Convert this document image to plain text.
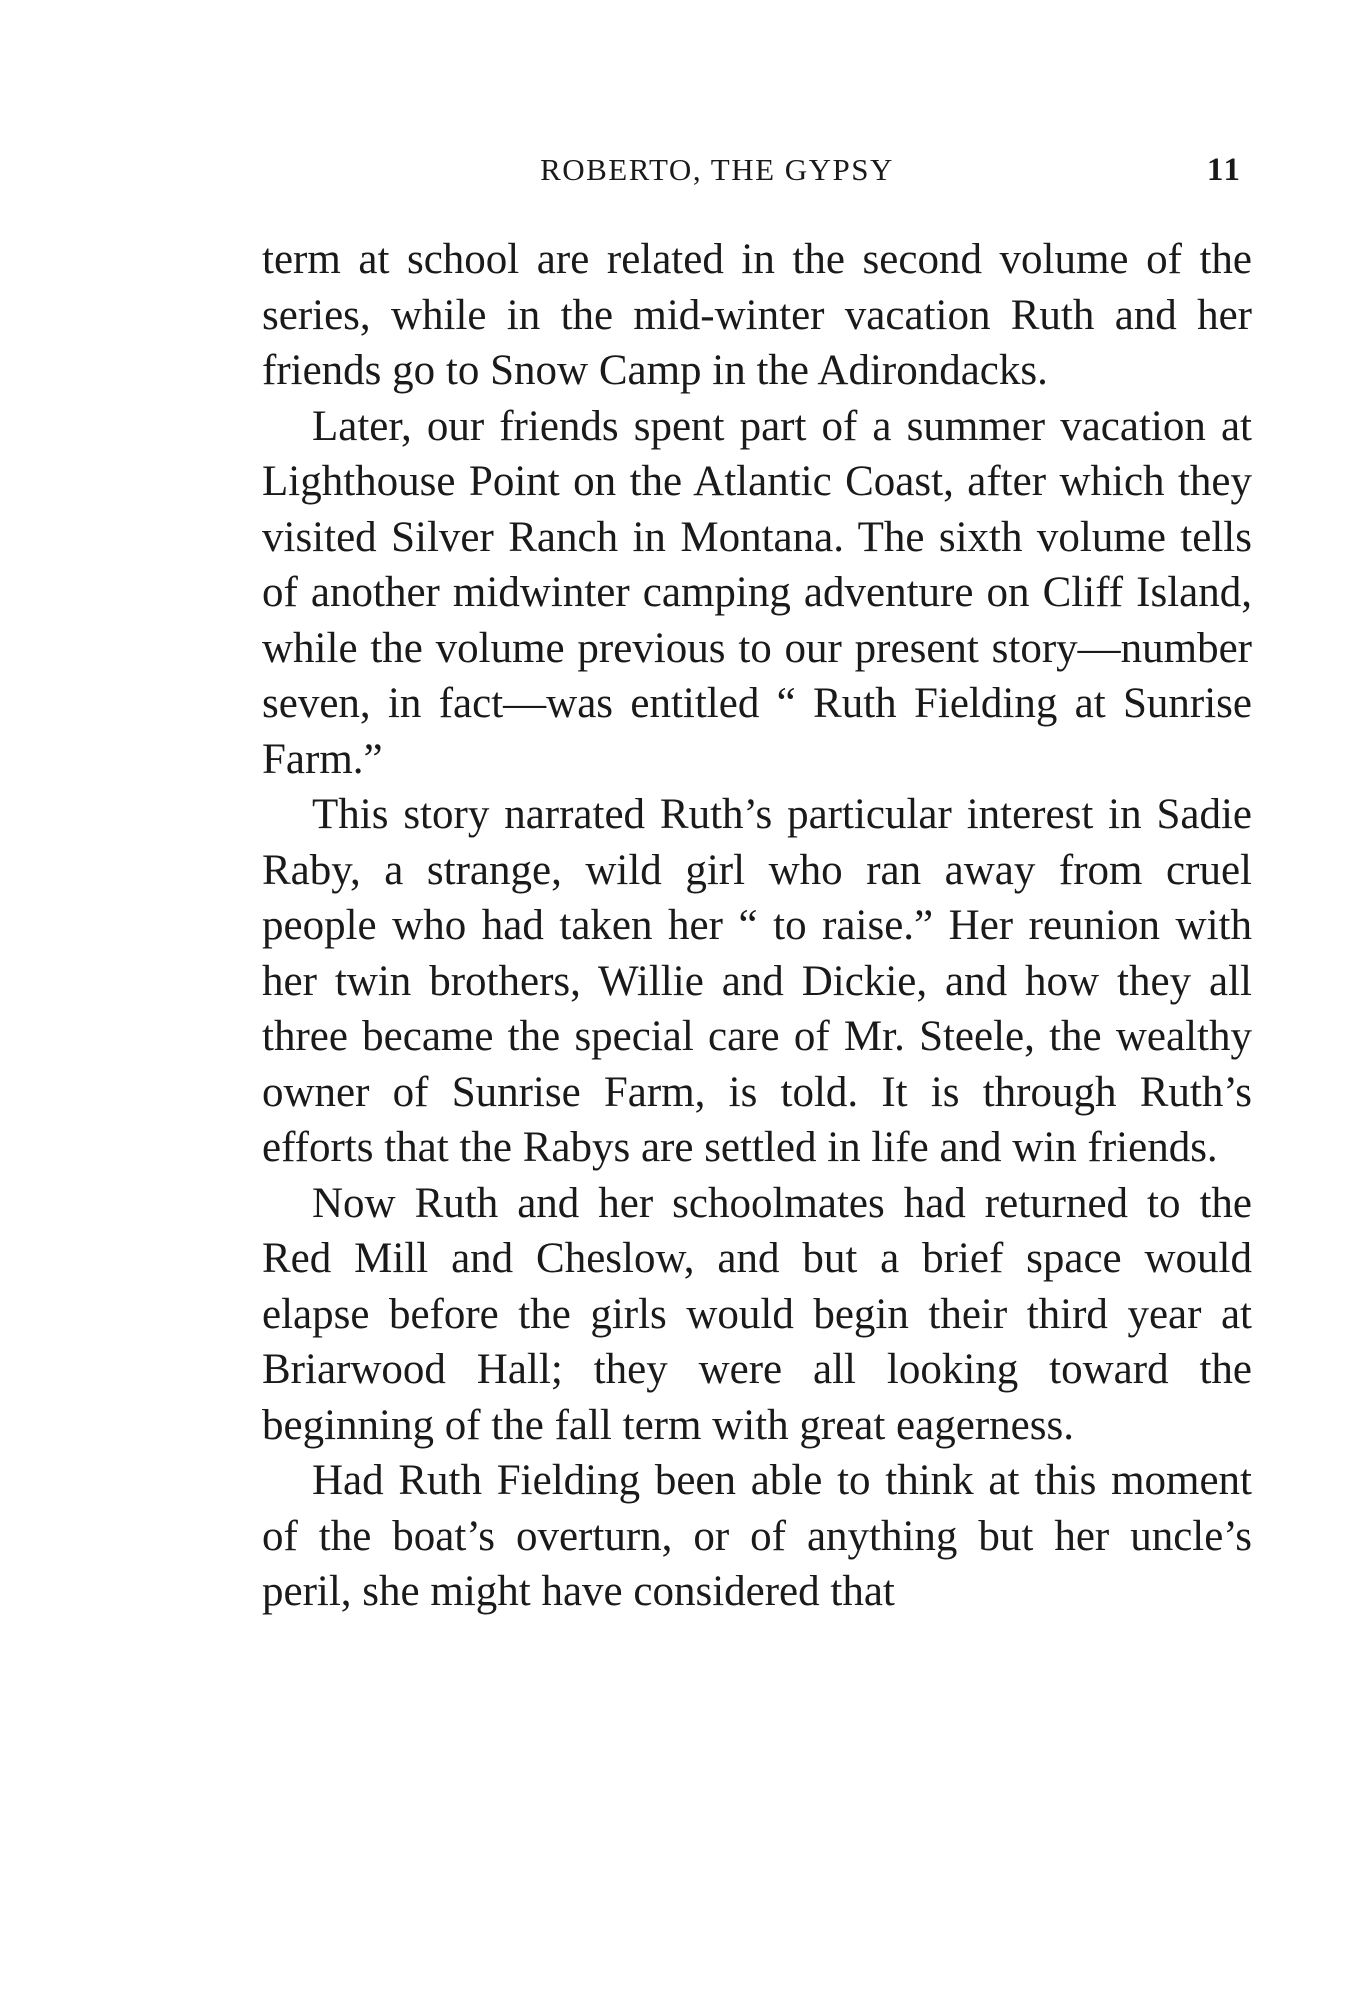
ROBERTO, THE GYPSY	11

term at school are related in the second volume of the series, while in the mid-winter vacation Ruth and her friends go to Snow Camp in the Adirondacks.

Later, our friends spent part of a summer vacation at Lighthouse Point on the Atlantic Coast, after which they visited Silver Ranch in Montana. The sixth volume tells of another midwinter camping adventure on Cliff Island, while the volume previous to our present story—number seven, in fact—was entitled “ Ruth Fielding at Sunrise Farm.”

This story narrated Ruth’s particular interest in Sadie Raby, a strange, wild girl who ran away from cruel people who had taken her “ to raise.” Her reunion with her twin brothers, Willie and Dickie, and how they all three became the special care of Mr. Steele, the wealthy owner of Sunrise Farm, is told. It is through Ruth’s efforts that the Rabys are settled in life and win friends.

Now Ruth and her schoolmates had returned to the Red Mill and Cheslow, and but a brief space would elapse before the girls would begin their third year at Briarwood Hall; they were all looking toward the beginning of the fall term with great eagerness.

Had Ruth Fielding been able to think at this moment of the boat’s overturn, or of anything but her uncle’s peril, she might have considered that
